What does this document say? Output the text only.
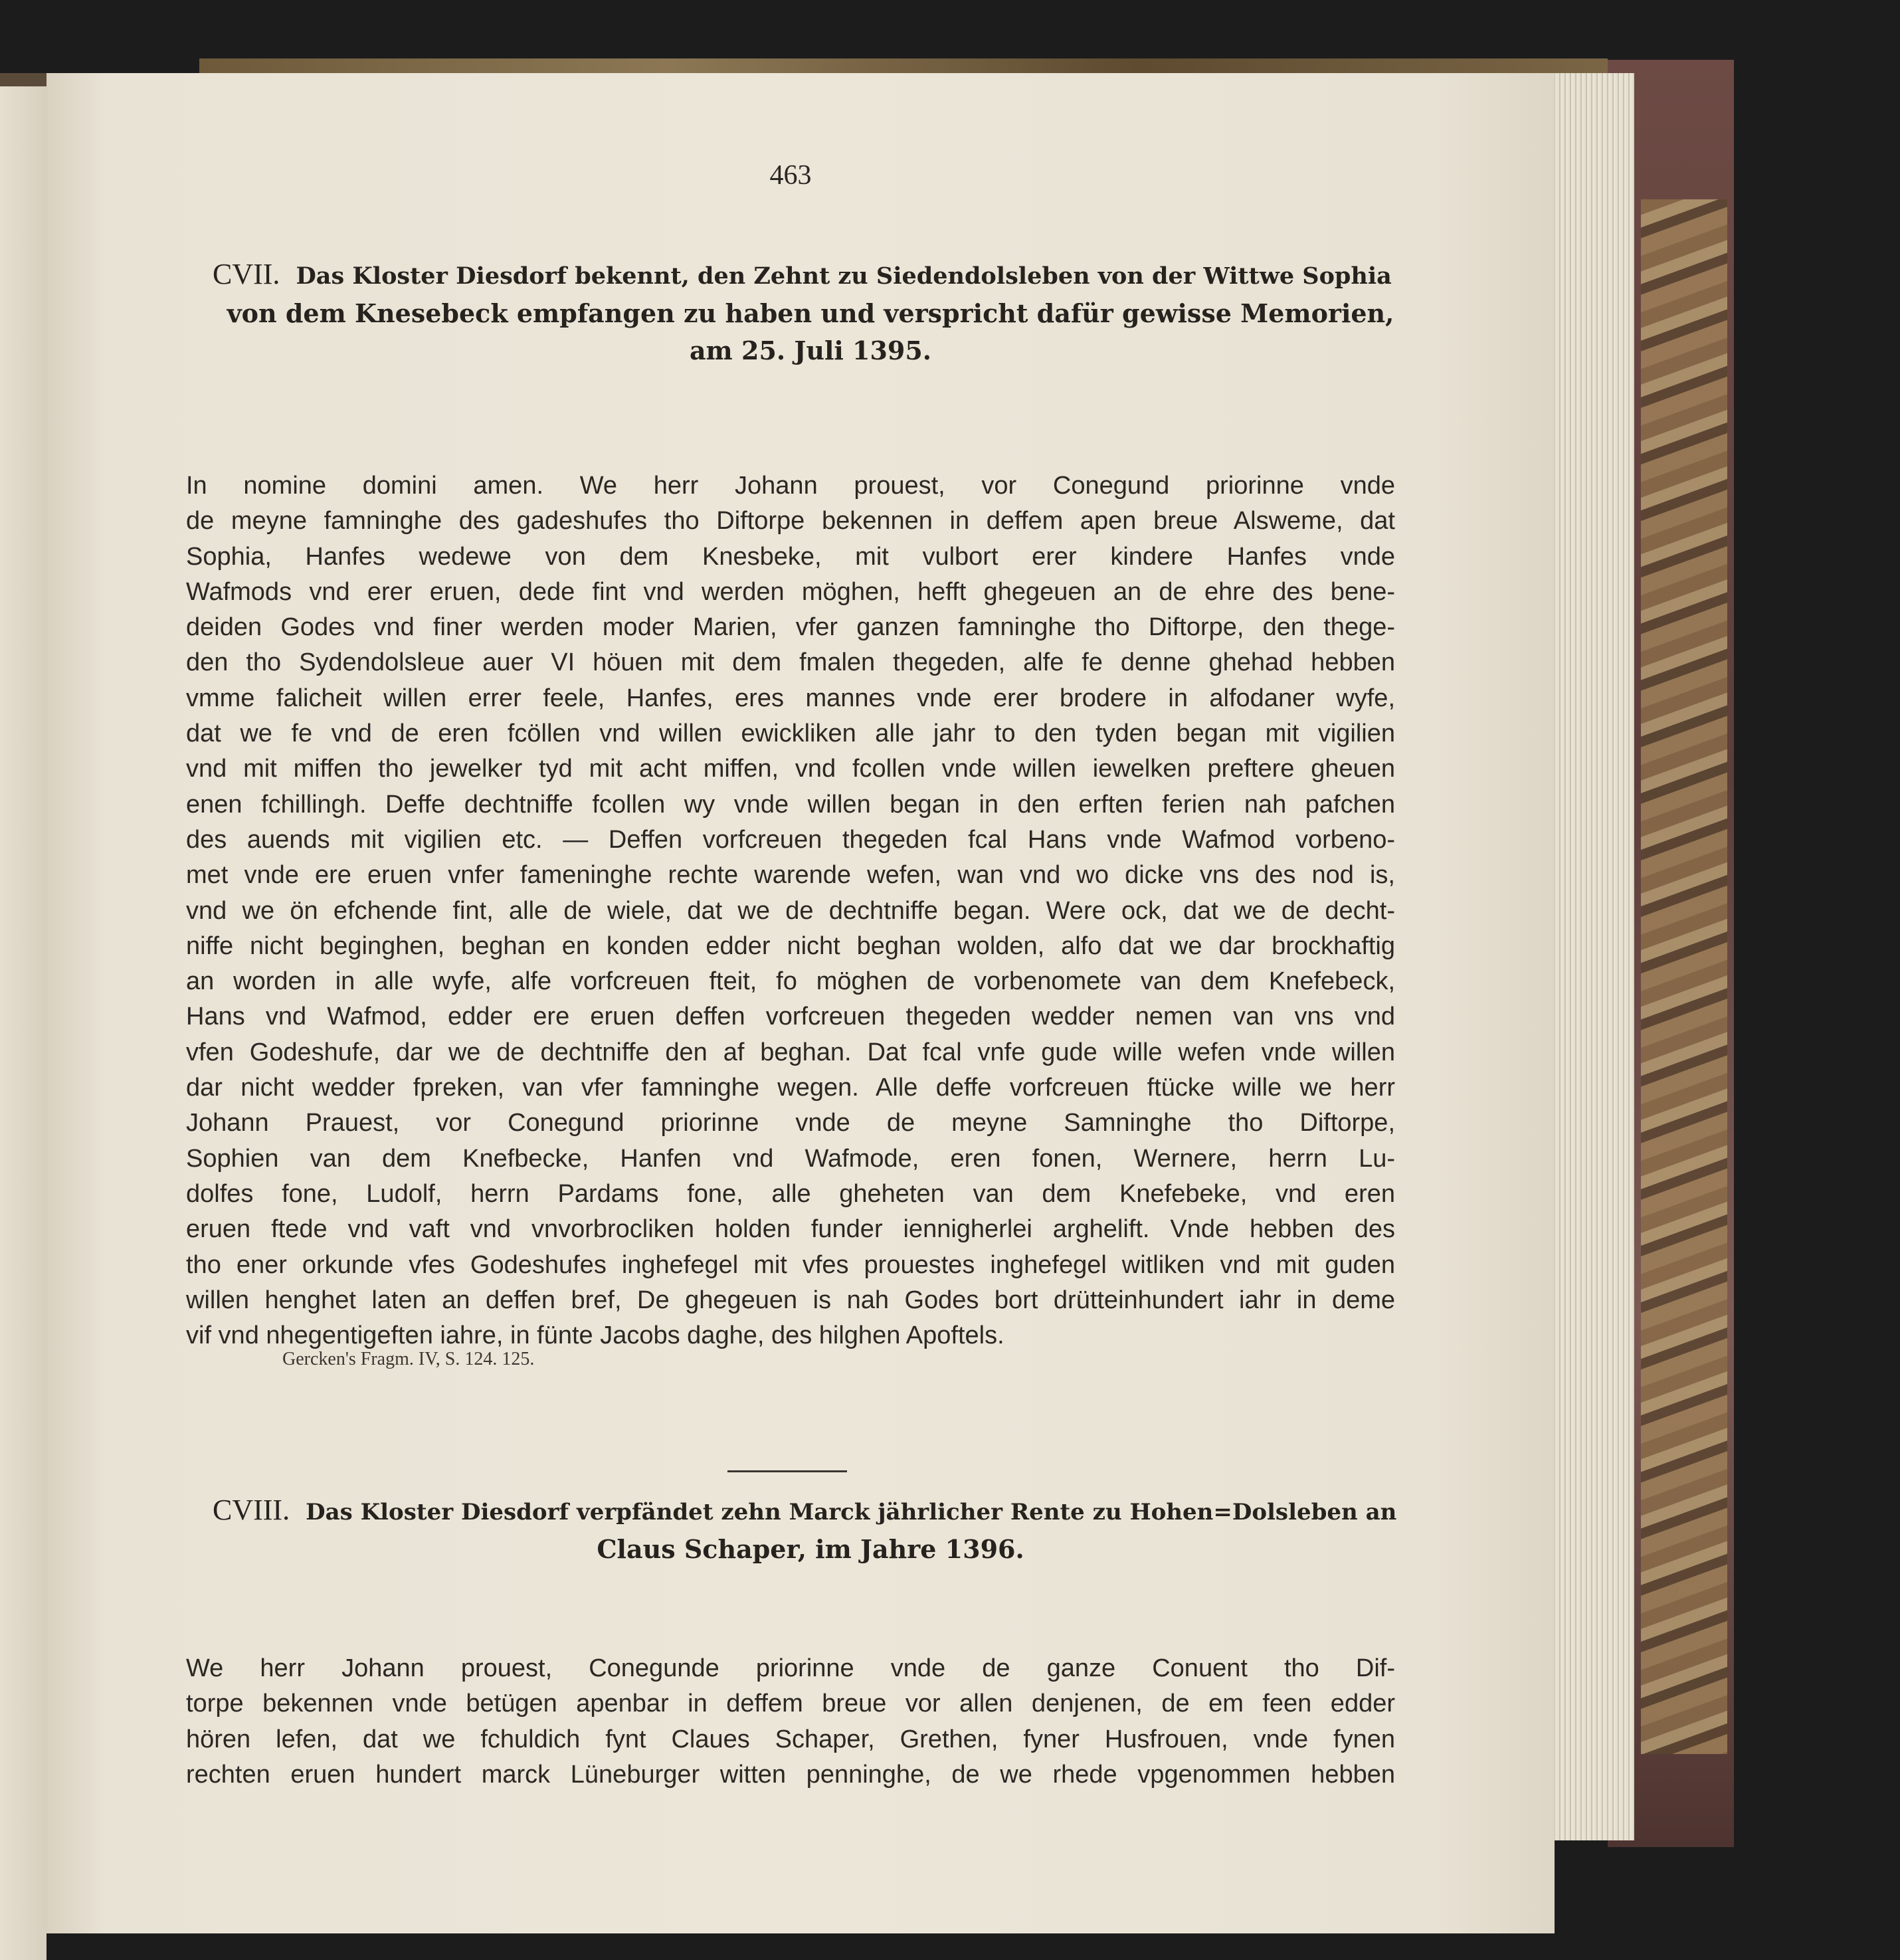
463
CVII. Das Kloster Diesdorf bekennt, den Zehnt zu Siedendolsleben von der Wittwe Sophia
von dem Knesebeck empfangen zu haben und verspricht dafür gewisse Memorien,
am 25. Juli 1395.
In nomine domini amen. We herr Johann prouest, vor Conegund priorinne vnde
de meyne famninghe des gadeshufes tho Diftorpe bekennen in deffem apen breue Alsweme, dat
Sophia, Hanfes wedewe von dem Knesbeke, mit vulbort erer kindere Hanfes vnde
Wafmods vnd erer eruen, dede fint vnd werden möghen, hefft ghegeuen an de ehre des bene-
deiden Godes vnd finer werden moder Marien, vfer ganzen famninghe tho Diftorpe, den thege-
den tho Sydendolsleue auer VI höuen mit dem fmalen thegeden, alfe fe denne ghehad hebben
vmme falicheit willen errer feele, Hanfes, eres mannes vnde erer brodere in alfodaner wyfe,
dat we fe vnd de eren fcöllen vnd willen ewickliken alle jahr to den tyden began mit vigilien
vnd mit miffen tho jewelker tyd mit acht miffen, vnd fcollen vnde willen iewelken preftere gheuen
enen fchillingh. Deffe dechtniffe fcollen wy vnde willen began in den erften ferien nah pafchen
des auends mit vigilien etc. — Deffen vorfcreuen thegeden fcal Hans vnde Wafmod vorbeno-
met vnde ere eruen vnfer fameninghe rechte warende wefen, wan vnd wo dicke vns des nod is,
vnd we ön efchende fint, alle de wiele, dat we de dechtniffe began. Were ock, dat we de decht-
niffe nicht beginghen, beghan en konden edder nicht beghan wolden, alfo dat we dar brockhaftig
an worden in alle wyfe, alfe vorfcreuen fteit, fo möghen de vorbenomete van dem Knefebeck,
Hans vnd Wafmod, edder ere eruen deffen vorfcreuen thegeden wedder nemen van vns vnd
vfen Godeshufe, dar we de dechtniffe den af beghan. Dat fcal vnfe gude wille wefen vnde willen
dar nicht wedder fpreken, van vfer famninghe wegen. Alle deffe vorfcreuen ftücke wille we herr
Johann Prauest, vor Conegund priorinne vnde de meyne Samninghe tho Diftorpe,
Sophien van dem Knefbecke, Hanfen vnd Wafmode, eren fonen, Wernere, herrn Lu-
dolfes fone, Ludolf, herrn Pardams fone, alle gheheten van dem Knefebeke, vnd eren
eruen ftede vnd vaft vnd vnvorbrocliken holden funder iennigherlei arghelift. Vnde hebben des
tho ener orkunde vfes Godeshufes inghefegel mit vfes prouestes inghefegel witliken vnd mit guden
willen henghet laten an deffen bref, De ghegeuen is nah Godes bort drütteinhundert iahr in deme
vif vnd nhegentigeften iahre, in fünte Jacobs daghe, des hilghen Apoftels.
Gercken's Fragm. IV, S. 124. 125.
CVIII. Das Kloster Diesdorf verpfändet zehn Marck jährlicher Rente zu Hohen=Dolsleben an
Claus Schaper, im Jahre 1396.
We herr Johann prouest, Conegunde priorinne vnde de ganze Conuent tho Dif-
torpe bekennen vnde betügen apenbar in deffem breue vor allen denjenen, de em feen edder
hören lefen, dat we fchuldich fynt Claues Schaper, Grethen, fyner Husfrouen, vnde fynen
rechten eruen hundert marck Lüneburger witten penninghe, de we rhede vpgenommen hebben
